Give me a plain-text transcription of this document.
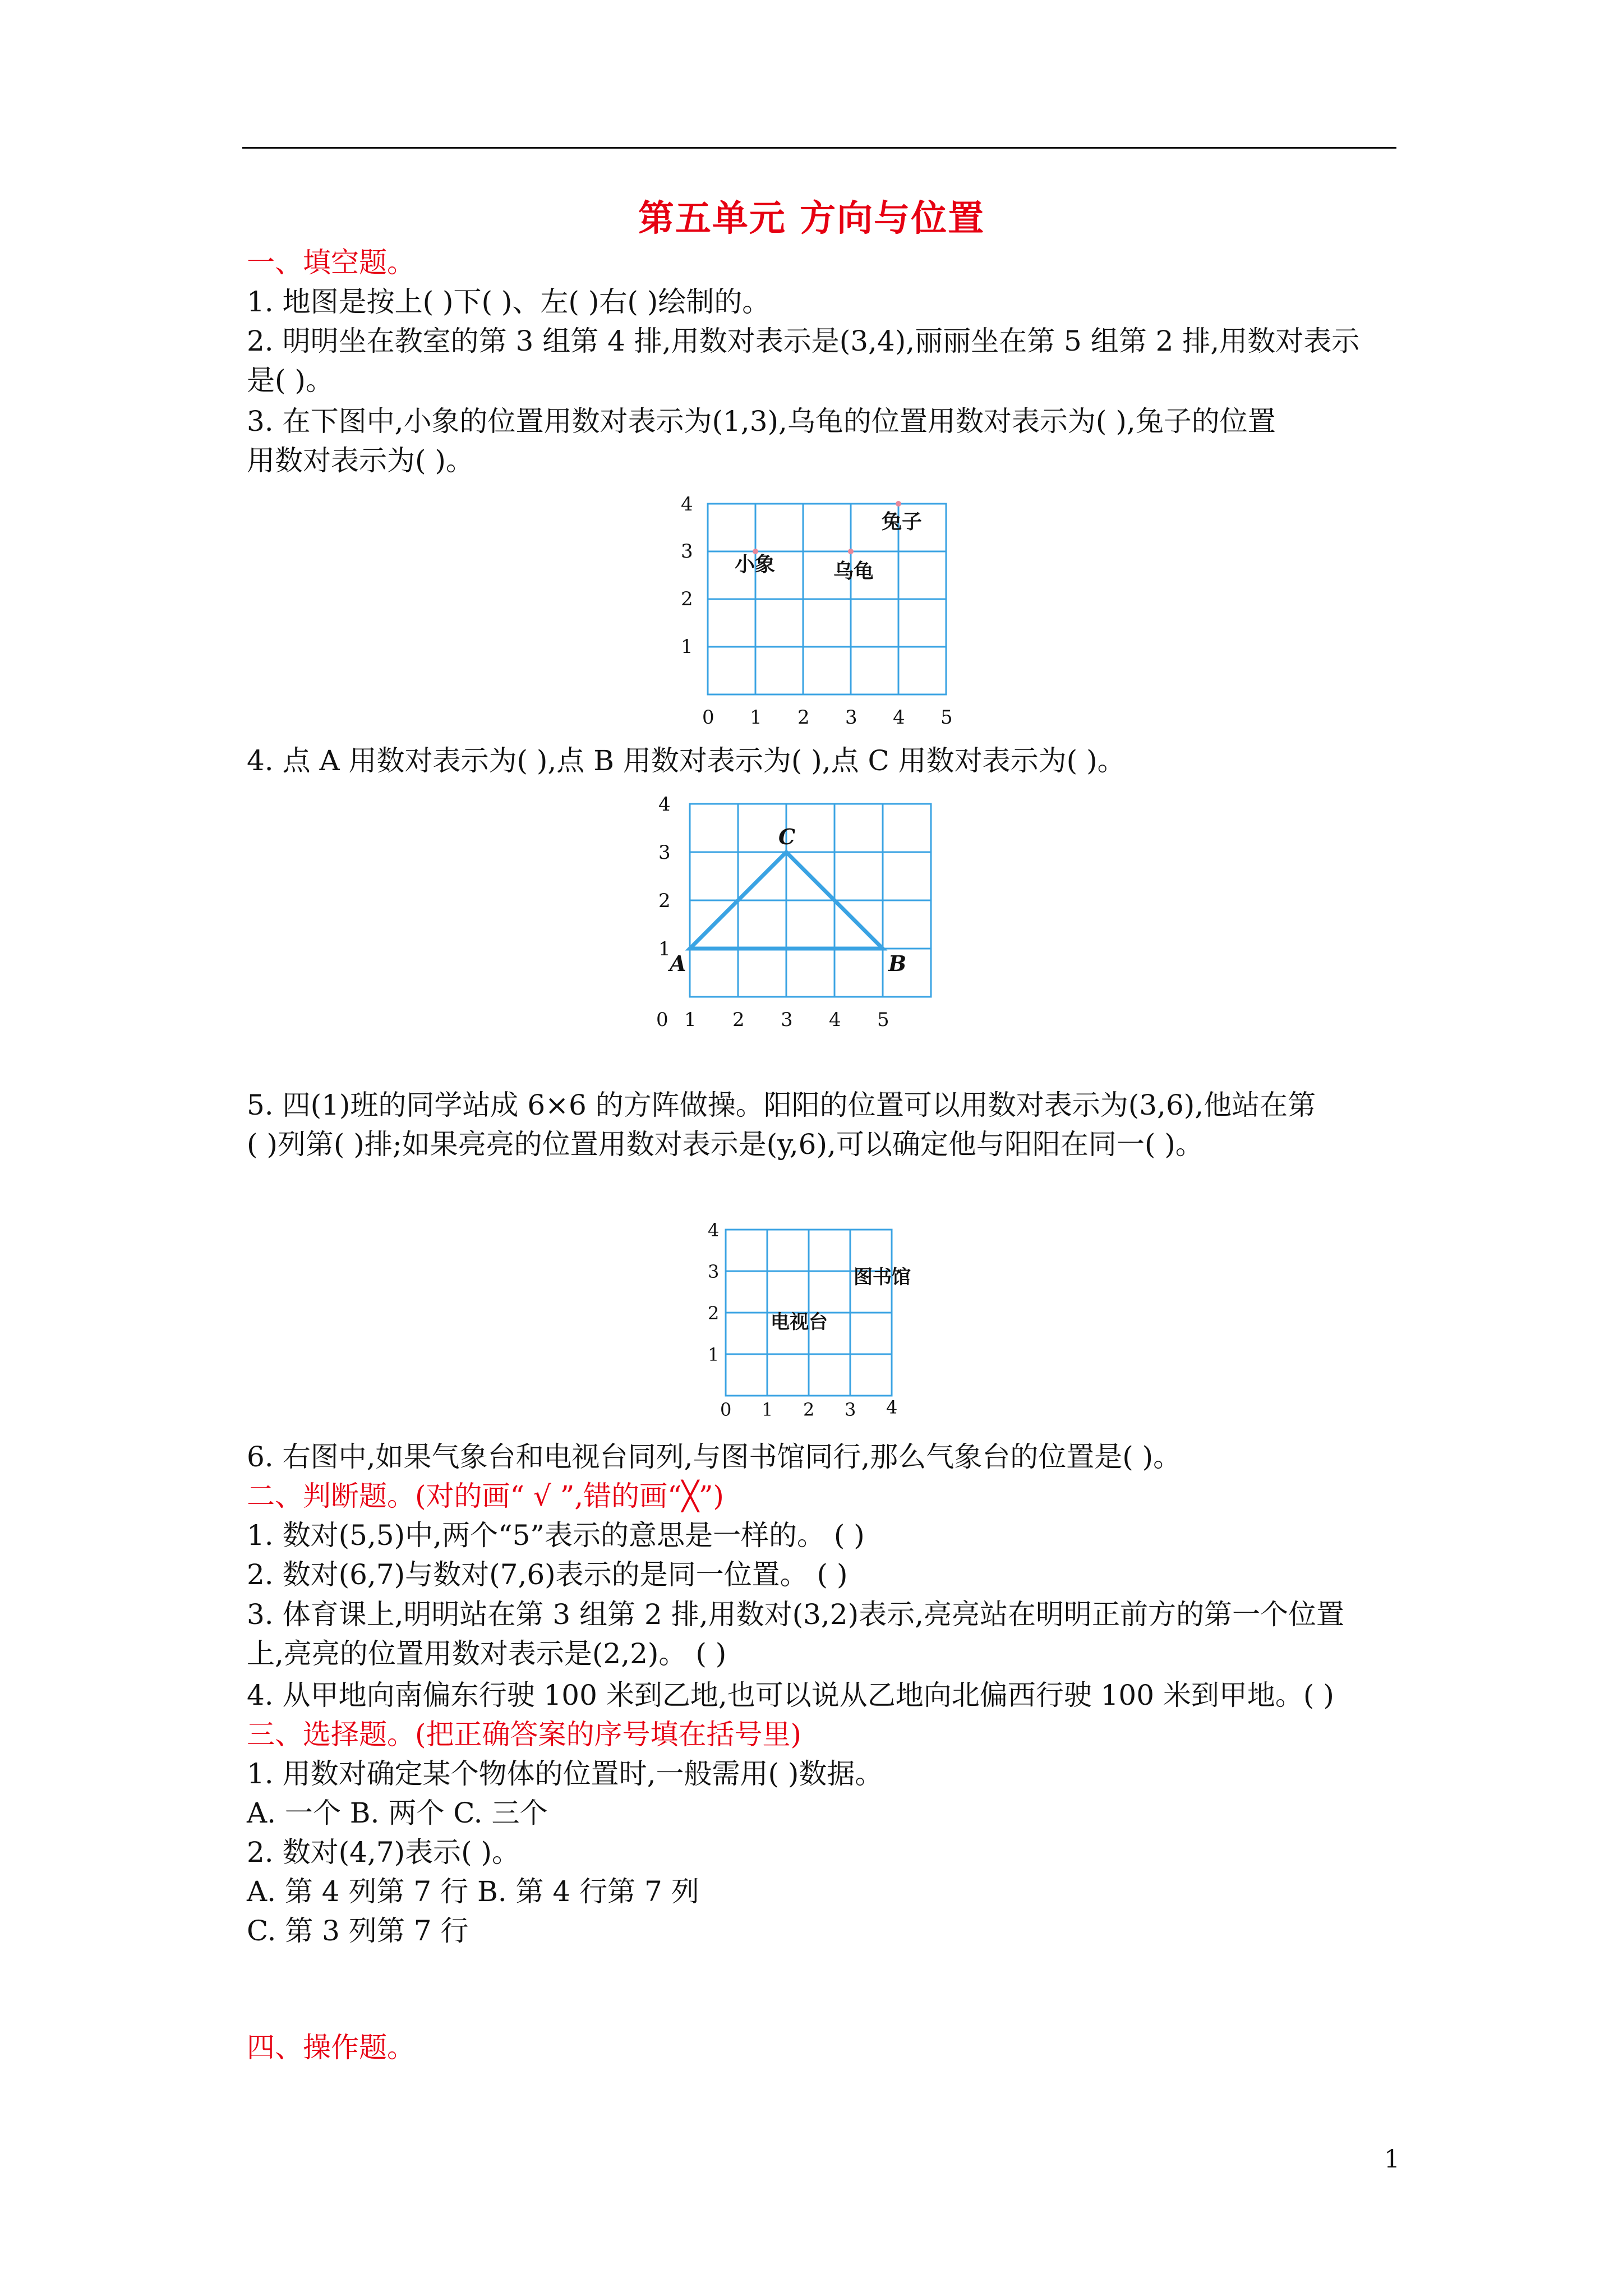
第五单元 方向与位置
一、填空题。
1. 地图是按上( )下( )、左( )右( )绘制的。
2. 明明坐在教室的第 3 组第 4 排,用数对表示是(3,4),丽丽坐在第 5 组第 2 排,用数对表示
是( )。
3. 在下图中,小象的位置用数对表示为(1,3),乌龟的位置用数对表示为( ),兔子的位置
用数对表示为( )。
4
3
2
1
0 1 2 3 4 5
小象	乌龟
兔子
4. 点 A 用数对表示为( ),点 B 用数对表示为( ),点 C 用数对表示为( )。
4
3
2
1
0 1 2 3 4 5
A	B
C
5. 四(1)班的同学站成 6×6 的方阵做操。阳阳的位置可以用数对表示为(3,6),他站在第
( )列第( )排;如果亮亮的位置用数对表示是(y,6),可以确定他与阳阳在同一( )。
4
3
2
1
0 1 2 3 4
图书馆
电视台
6. 右图中,如果气象台和电视台同列,与图书馆同行,那么气象台的位置是( )。
二、判断题。(对的画“ √ ”,错的画“╳”)
1. 数对(5,5)中,两个“5”表示的意思是一样的。 ( )
2. 数对(6,7)与数对(7,6)表示的是同一位置。 ( )
3. 体育课上,明明站在第 3 组第 2 排,用数对(3,2)表示,亮亮站在明明正前方的第一个位置
上,亮亮的位置用数对表示是(2,2)。 ( )
4. 从甲地向南偏东行驶 100 米到乙地,也可以说从乙地向北偏西行驶 100 米到甲地。( )
三、选择题。(把正确答案的序号填在括号里)
1. 用数对确定某个物体的位置时,一般需用( )数据。
A. 一个 B. 两个 C. 三个
2. 数对(4,7)表示( )。
A. 第 4 列第 7 行 B. 第 4 行第 7 列
C. 第 3 列第 7 行
四、操作题。
1
